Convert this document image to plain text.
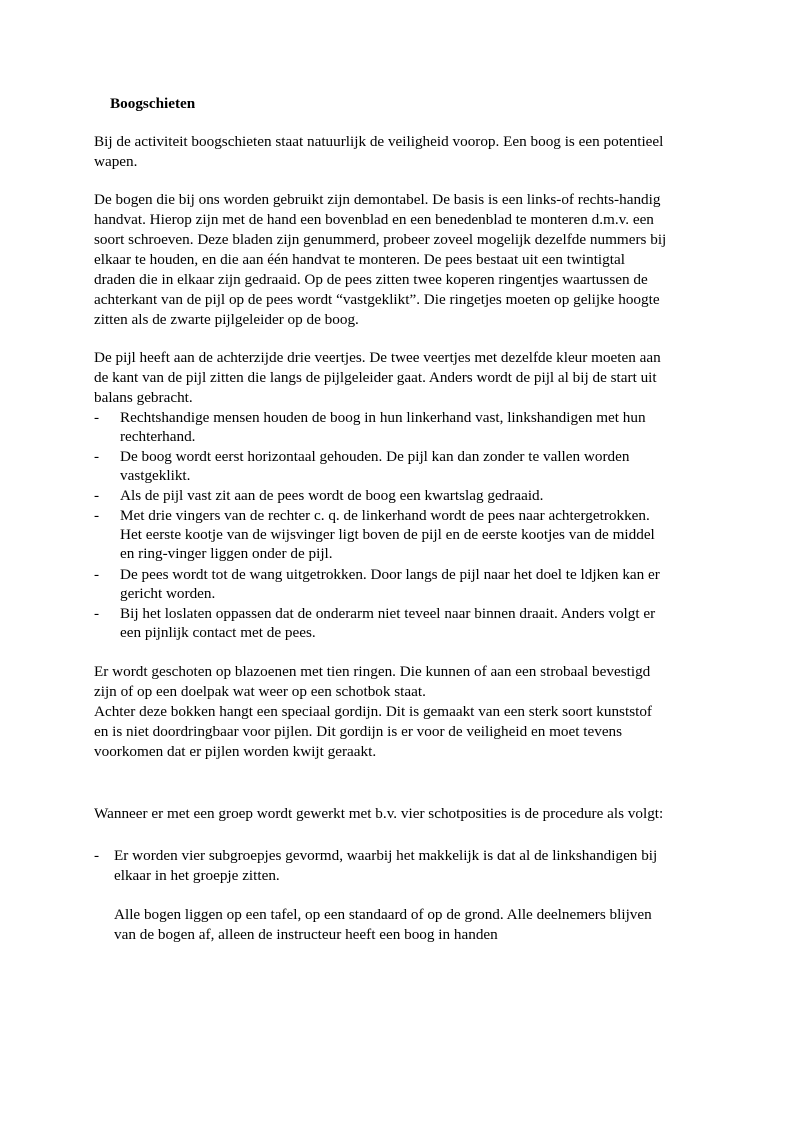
Boogschieten
Bij de activiteit boogschieten staat natuurlijk de veiligheid voorop. Een boog is een potentieel
wapen.
De bogen die bij ons worden gebruikt zijn demontabel. De basis is een links-of rechts-handig
handvat. Hierop zijn met de hand een bovenblad en een benedenblad te monteren d.m.v. een
soort schroeven. Deze bladen zijn genummerd, probeer zoveel mogelijk dezelfde nummers bij
elkaar te houden, en die aan één handvat te monteren. De pees bestaat uit een twintigtal
draden die in elkaar zijn gedraaid. Op de pees zitten twee koperen ringentjes waartussen de
achterkant van de pijl op de pees wordt “vastgeklikt”. Die ringetjes moeten op gelijke hoogte
zitten als de zwarte pijlgeleider op de boog.
De pijl heeft aan de achterzijde drie veertjes. De twee veertjes met dezelfde kleur moeten aan
de kant van de pijl zitten die langs de pijlgeleider gaat. Anders wordt de pijl al bij de start uit
balans gebracht.
- Rechtshandige mensen houden de boog in hun linkerhand vast, linkshandigen met hun
rechterhand.
- De boog wordt eerst horizontaal gehouden. De pijl kan dan zonder te vallen worden
vastgeklikt.
- Als de pijl vast zit aan de pees wordt de boog een kwartslag gedraaid.
- Met drie vingers van de rechter c. q. de linkerhand wordt de pees naar achtergetrokken.
Het eerste kootje van de wijsvinger ligt boven de pijl en de eerste kootjes van de middel
en ring-vinger liggen onder de pijl.
- De pees wordt tot de wang uitgetrokken. Door langs de pijl naar het doel te ldjken kan er
gericht worden.
- Bij het loslaten oppassen dat de onderarm niet teveel naar binnen draait. Anders volgt er
een pijnlijk contact met de pees.
Er wordt geschoten op blazoenen met tien ringen. Die kunnen of aan een strobaal bevestigd
zijn of op een doelpak wat weer op een schotbok staat.
Achter deze bokken hangt een speciaal gordijn. Dit is gemaakt van een sterk soort kunststof
en is niet doordringbaar voor pijlen. Dit gordijn is er voor de veiligheid en moet tevens
voorkomen dat er pijlen worden kwijt geraakt.
Wanneer er met een groep wordt gewerkt met b.v. vier schotposities is de procedure als volgt:
- Er worden vier subgroepjes gevormd, waarbij het makkelijk is dat al de linkshandigen bij
elkaar in het groepje zitten.
Alle bogen liggen op een tafel, op een standaard of op de grond. Alle deelnemers blijven
van de bogen af, alleen de instructeur heeft een boog in handen
